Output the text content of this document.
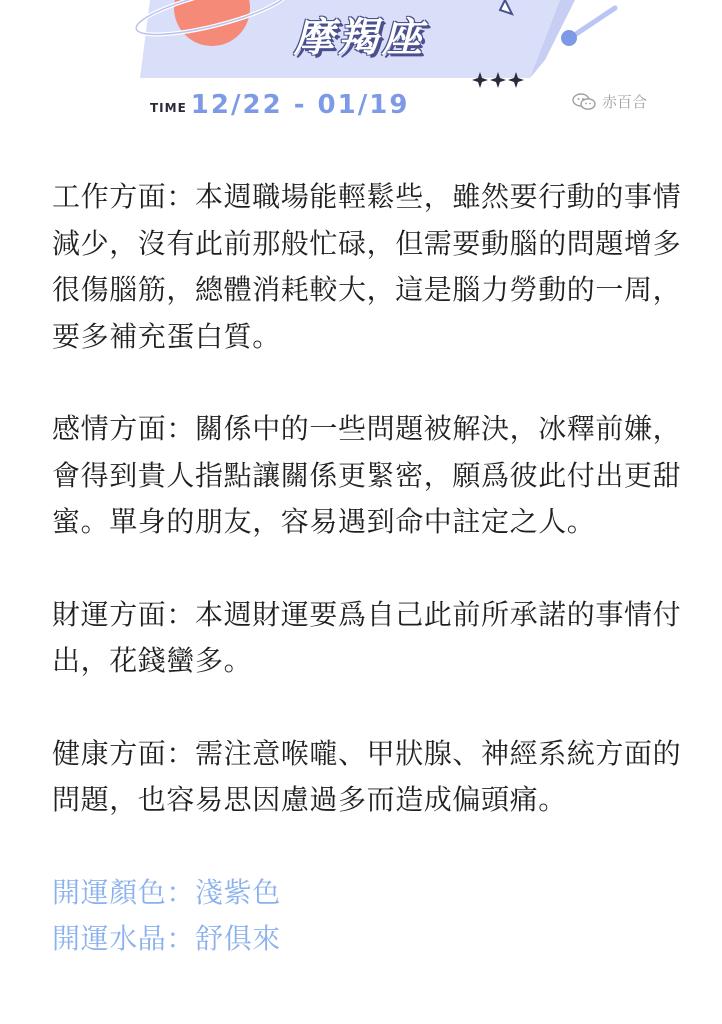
摩羯座
TIME 12/22 - 01/19	赤百合

工作方面：本週職場能輕鬆些，雖然要行動的事情減少，沒有此前那般忙碌，但需要動腦的問題增多很傷腦筋，總體消耗較大，這是腦力勞動的一周，要多補充蛋白質。

感情方面：關係中的一些問題被解決，冰釋前嫌，會得到貴人指點讓關係更緊密，願爲彼此付出更甜蜜。單身的朋友，容易遇到命中註定之人。

財運方面：本週財運要爲自己此前所承諾的事情付出，花錢蠻多。

健康方面：需注意喉嚨、甲狀腺、神經系統方面的問題，也容易思因慮過多而造成偏頭痛。

開運顏色：淺紫色

開運水晶：舒俱來
